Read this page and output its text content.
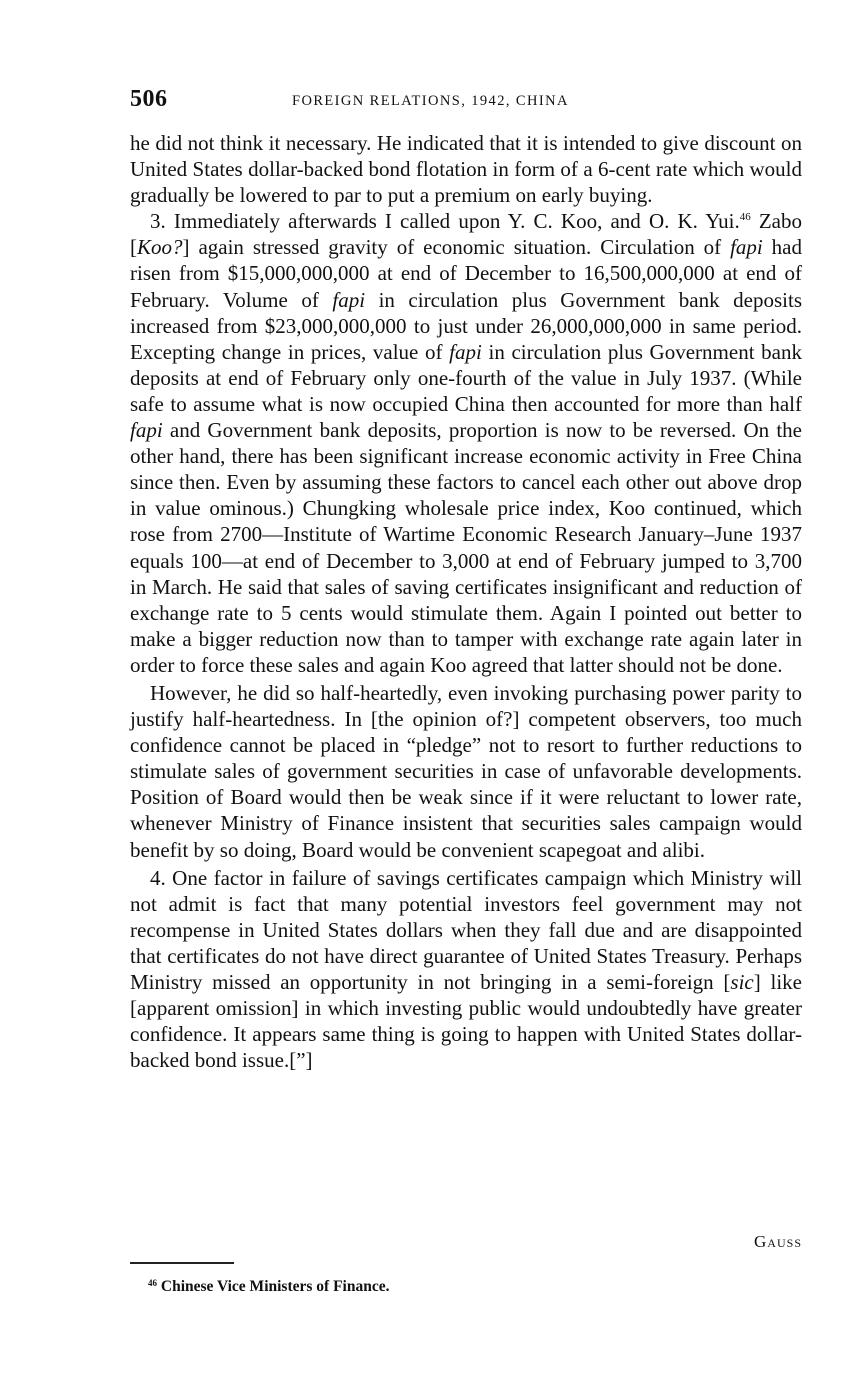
506	FOREIGN RELATIONS, 1942, CHINA

he did not think it necessary. He indicated that it is intended to give discount on United States dollar-backed bond flotation in form of a 6-cent rate which would gradually be lowered to par to put a premium on early buying.

3. Immediately afterwards I called upon Y. C. Koo, and O. K. Yui.$^{46}$ Zabo [Koo?] again stressed gravity of economic situation. Circulation of fapi had risen from $15,000,000,000 at end of December to 16,500,000,000 at end of February. Volume of fapi in circulation plus Government bank deposits increased from $23,000,000,000 to just under 26,000,000,000 in same period. Excepting change in prices, value of fapi in circulation plus Government bank deposits at end of February only one-fourth of the value in July 1937. (While safe to assume what is now occupied China then accounted for more than half fapi and Government bank deposits, proportion is now to be reversed. On the other hand, there has been significant increase economic activity in Free China since then. Even by assuming these factors to cancel each other out above drop in value ominous.) Chungking wholesale price index, Koo continued, which rose from 2700—Institute of Wartime Economic Research January–June 1937 equals 100—at end of December to 3,000 at end of February jumped to 3,700 in March. He said that sales of saving certificates insignificant and reduction of exchange rate to 5 cents would stimulate them. Again I pointed out better to make a bigger reduction now than to tamper with exchange rate again later in order to force these sales and again Koo agreed that latter should not be done.

However, he did so half-heartedly, even invoking purchasing power parity to justify half-heartedness. In [the opinion of?] competent observers, too much confidence cannot be placed in “pledge” not to resort to further reductions to stimulate sales of government securities in case of unfavorable developments. Position of Board would then be weak since if it were reluctant to lower rate, whenever Ministry of Finance insistent that securities sales campaign would benefit by so doing, Board would be convenient scapegoat and alibi.

4. One factor in failure of savings certificates campaign which Ministry will not admit is fact that many potential investors feel government may not recompense in United States dollars when they fall due and are disappointed that certificates do not have direct guarantee of United States Treasury. Perhaps Ministry missed an opportunity in not bringing in a semi-foreign [sic] like [apparent omission] in which investing public would undoubtedly have greater confidence. It appears same thing is going to happen with United States dollar-backed bond issue.[”]

Gauss
$^{46}$ Chinese Vice Ministers of Finance.
